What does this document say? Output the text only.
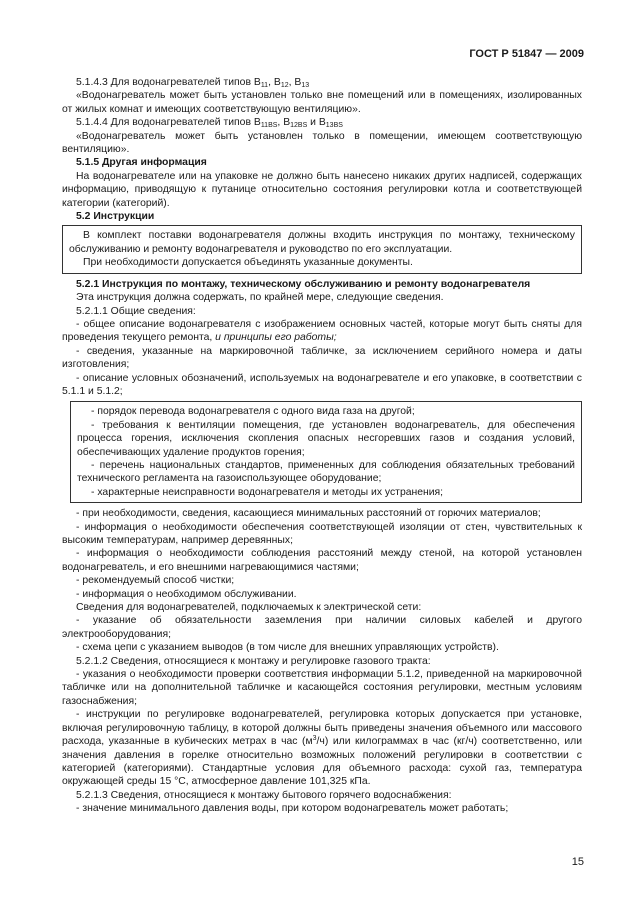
ГОСТ Р 51847 — 2009

5.1.4.3 Для водонагревателей типов $В_{11}$, $В_{12}$, $В_{13}$

«Водонагреватель может быть установлен только вне помещений или в помещениях, изолированных от жилых комнат и имеющих соответствующую вентиляцию».

5.1.4.4 Для водонагревателей типов $В_{11BS}$, $В_{12BS}$ и $В_{13BS}$

«Водонагреватель может быть установлен только в помещении, имеющем соответствующую вентиляцию».

5.1.5 Другая информация

На водонагревателе или на упаковке не должно быть нанесено никаких других надписей, содержащих информацию, приводящую к путанице относительно состояния регулировки котла и соответствующей категории (категорий).

5.2 Инструкции

В комплект поставки водонагревателя должны входить инструкция по монтажу, техническому обслуживанию и ремонту водонагревателя и руководство по его эксплуатации.

При необходимости допускается объединять указанные документы.

5.2.1 Инструкция по монтажу, техническому обслуживанию и ремонту водонагревателя

Эта инструкция должна содержать, по крайней мере, следующие сведения.

5.2.1.1 Общие сведения:

- общее описание водонагревателя с изображением основных частей, которые могут быть сняты для проведения текущего ремонта, и принципы его работы;

- сведения, указанные на маркировочной табличке, за исключением серийного номера и даты изготовления;

- описание условных обозначений, используемых на водонагревателе и его упаковке, в соответствии с 5.1.1 и 5.1.2;

- порядок перевода водонагревателя с одного вида газа на другой;

- требования к вентиляции помещения, где установлен водонагреватель, для обеспечения процесса горения, исключения скопления опасных несгоревших газов и создания условий, обеспечивающих удаление продуктов горения;

- перечень национальных стандартов, примененных для соблюдения обязательных требований технического регламента на газоиспользующее оборудование;

- характерные неисправности водонагревателя и методы их устранения;

- при необходимости, сведения, касающиеся минимальных расстояний от горючих материалов;

- информация о необходимости обеспечения соответствующей изоляции от стен, чувствительных к высоким температурам, например деревянных;

- информация о необходимости соблюдения расстояний между стеной, на которой установлен водонагреватель, и его внешними нагревающимися частями;

- рекомендуемый способ чистки;

- информация о необходимом обслуживании.

Сведения для водонагревателей, подключаемых к электрической сети:

- указание об обязательности заземления при наличии силовых кабелей и другого электрооборудования;

- схема цепи с указанием выводов (в том числе для внешних управляющих устройств).

5.2.1.2 Сведения, относящиеся к монтажу и регулировке газового тракта:

- указания о необходимости проверки соответствия информации 5.1.2, приведенной на маркировочной табличке или на дополнительной табличке и касающейся состояния регулировки, местным условиям газоснабжения;

- инструкции по регулировке водонагревателей, регулировка которых допускается при установке, включая регулировочную таблицу, в которой должны быть приведены значения объемного или массового расхода, указанные в кубических метрах в час $(м^3/ч)$ или килограммах в час (кг/ч) соответственно, или значения давления в горелке относительно возможных положений регулировки в соответствии с категорией (категориями). Стандартные условия для объемного расхода: сухой газ, температура окружающей среды 15 °С, атмосферное давление 101,325 кПа.

5.2.1.3 Сведения, относящиеся к монтажу бытового горячего водоснабжения:

- значение минимального давления воды, при котором водонагреватель может работать;

15
